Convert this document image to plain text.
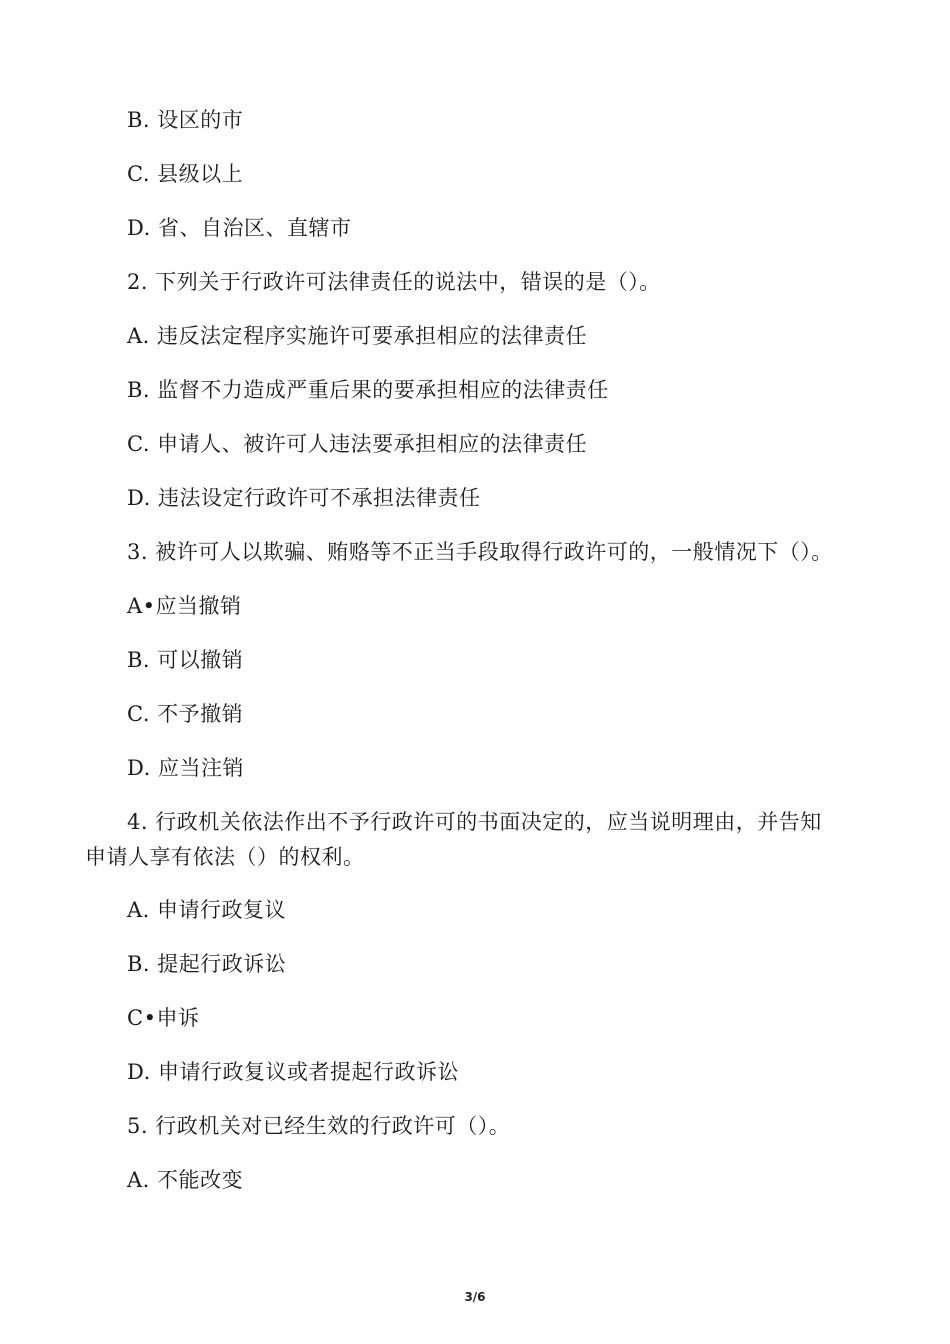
B. 设区的市
C. 县级以上
D. 省、自治区、直辖市
2. 下列关于行政许可法律责任的说法中，错误的是（）。
A. 违反法定程序实施许可要承担相应的法律责任
B. 监督不力造成严重后果的要承担相应的法律责任
C. 申请人、被许可人违法要承担相应的法律责任
D. 违法设定行政许可不承担法律责任
3. 被许可人以欺骗、贿赂等不正当手段取得行政许可的，一般情况下（）。
A•应当撤销
B. 可以撤销
C. 不予撤销
D. 应当注销
4. 行政机关依法作出不予行政许可的书面决定的，应当说明理由，并告知
申请人享有依法（）的权利。
A. 申请行政复议
B. 提起行政诉讼
C•申诉
D. 申请行政复议或者提起行政诉讼
5. 行政机关对已经生效的行政许可（）。
A. 不能改变
3/6
